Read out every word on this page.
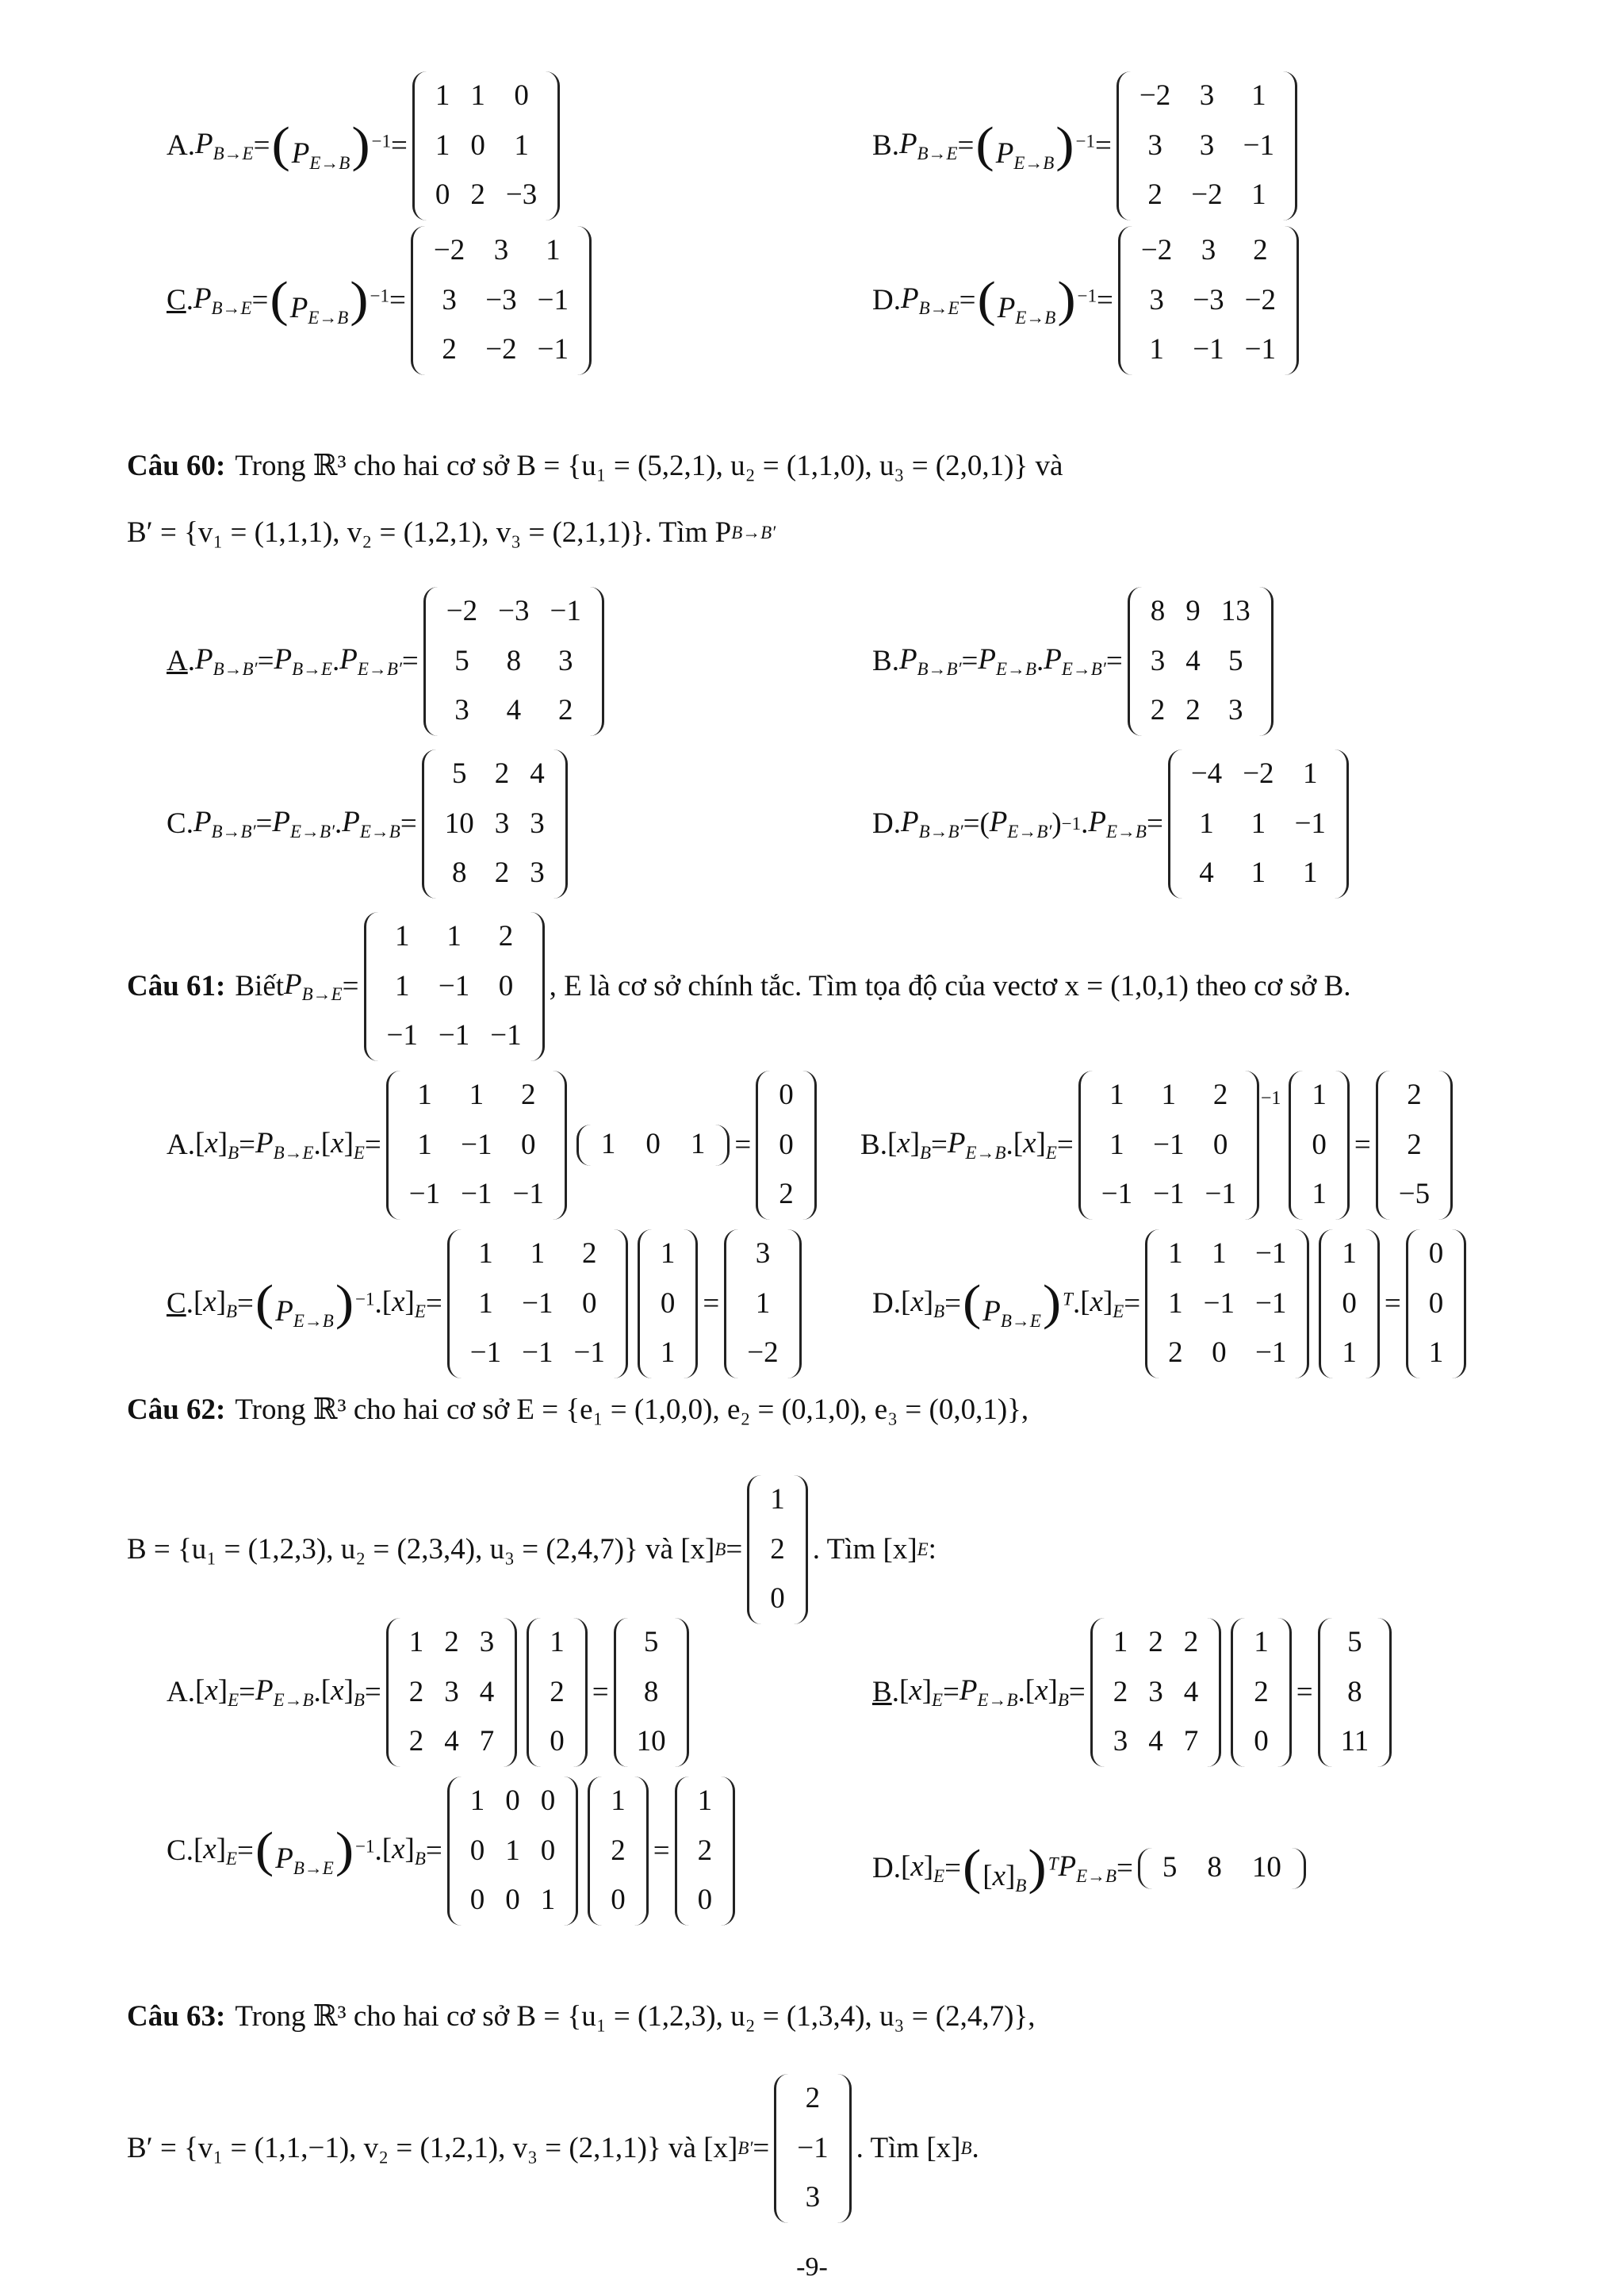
A . $P_{B\to E} = (P_{E\to B})^{-1}$ =
1 1 0
1 0 1
0 2 −3
B . $P_{B\to E} = (P_{E\to B})^{-1}$ =
−2 3 1
3 3 −1
2 −2 1
C . $P_{B\to E} = (P_{E\to B})^{-1}$ =
−2 3 1
3 −3 −1
2 −2 −1
D . $P_{B\to E} = (P_{E\to B})^{-1}$ =
−2 3 2
3 −3 −2
1 −1 −1
Câu 60: Trong ℝ³ cho hai cơ sở B = {u₁ = (5,2,1), u₂ = (1,1,0), u₃ = (2,0,1)} và
B′ = {v₁ = (1,1,1), v₂ = (1,2,1), v₃ = (2,1,1)}. Tìm P B→B′
A . $P_{B\to B'} = P_{B\to E}$ . $P_{E\to B'}$ =
−2 −3 −1
5 8 3
3 4 2
B . $P_{B\to B'} = P_{E\to B}$ . $P_{E\to B'}$ =
8 9 13
3 4 5
2 2 3
C . $P_{B\to B'} = P_{E\to B'}$ . $P_{E\to B}$ =
5 2 4
10 3 3
8 2 3
D . $P_{B\to B'}$ = ( $P_{E\to B'}$ ) −1 . $P_{E\to B}$ =
−4 −2 1
1 1 −1
4 1 1
Câu 61: Biết $P_{B\to E}$ =
1 1 2
1 −1 0
−1 −1 −1
, E là cơ sở chính tắc. Tìm tọa độ của vectơ x = (1,0,1) theo cơ sở B.
A . $[x]_B = P_{B\to E}$ . $[x]_E$ =
1 1 2
1 −1 0
−1 −1 −1
1 0 1 =
0
0
2
B . $[x]_B = P_{E\to B}$ . $[x]_E$ =
1 1 2
1 −1 0
−1 −1 −1
−1 1
0
1
=
2
2
−5
C . $[x]_B = (P_{E\to B})^{-1}$ . $[x]_E$ =
1 1 2
1 −1 0
−1 −1 −1
1
0
1
=
3
1
−2
D . $[x]_B = (P_{B\to E})^T$ . $[x]_E$ =
1 1 −1
1 −1 −1
2 0 −1
1
0
1
=
0
0
1
Câu 62: Trong ℝ³ cho hai cơ sở E = {e₁ = (1,0,0), e₂ = (0,1,0), e₃ = (0,0,1)},
B = {u₁ = (1,2,3), u₂ = (2,3,4), u₃ = (2,4,7)} và [x] B =
1
2
0
. Tìm [x] E :
A . $[x]_E = P_{E\to B}$ . $[x]_B$ =
1 2 3
2 3 4
2 4 7
1
2
0
=
5
8
10
B . $[x]_E = P_{E\to B}$ . $[x]_B$ =
1 2 2
2 3 4
3 4 7
1
2
0
=
5
8
11
C . $[x]_E = (P_{B\to E})^{-1}$ . $[x]_B$ =
1 0 0
0 1 0
0 0 1
1
2
0
=
1
2
0
D . $[x]_E = ([x]_B)^T$ $P_{E\to B} = 5$ 8 10
Câu 63: Trong ℝ³ cho hai cơ sở B = {u₁ = (1,2,3), u₂ = (1,3,4), u₃ = (2,4,7)},
B′ = {v₁ = (1,1,−1), v₂ = (1,2,1), v₃ = (2,1,1)} và [x] B′ =
2
−1
3
. Tìm [x] B .
-9-
